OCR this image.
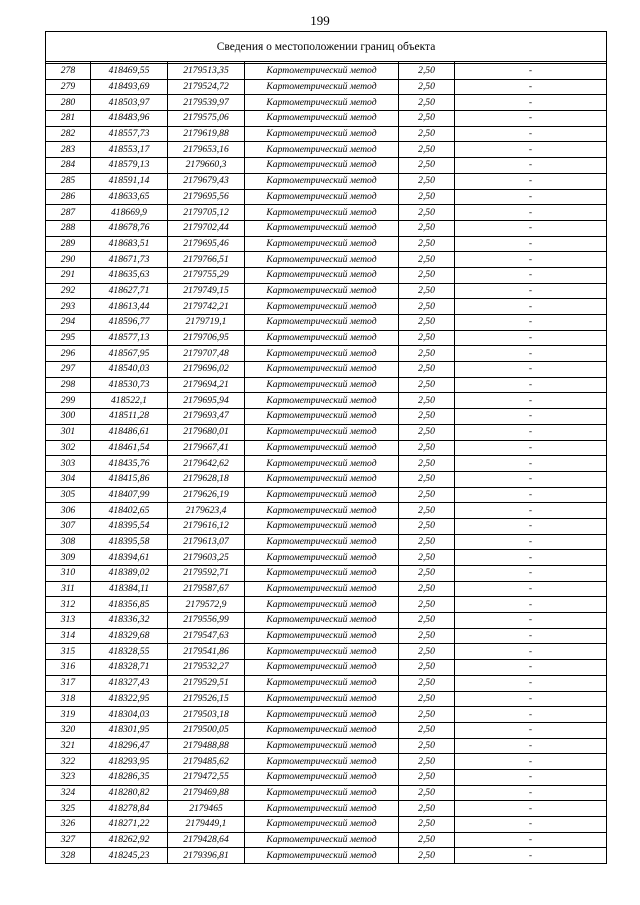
199
Сведения о местоположении границ объекта					

278	418469,55	2179513,35	Картометрический метод	2,50	-
279	418493,69	2179524,72	Картометрический метод	2,50	-
280	418503,97	2179539,97	Картометрический метод	2,50	-
281	418483,96	2179575,06	Картометрический метод	2,50	-
282	418557,73	2179619,88	Картометрический метод	2,50	-
283	418553,17	2179653,16	Картометрический метод	2,50	-
284	418579,13	2179660,3	Картометрический метод	2,50	-
285	418591,14	2179679,43	Картометрический метод	2,50	-
286	418633,65	2179695,56	Картометрический метод	2,50	-
287	418669,9	2179705,12	Картометрический метод	2,50	-
288	418678,76	2179702,44	Картометрический метод	2,50	-
289	418683,51	2179695,46	Картометрический метод	2,50	-
290	418671,73	2179766,51	Картометрический метод	2,50	-
291	418635,63	2179755,29	Картометрический метод	2,50	-
292	418627,71	2179749,15	Картометрический метод	2,50	-
293	418613,44	2179742,21	Картометрический метод	2,50	-
294	418596,77	2179719,1	Картометрический метод	2,50	-
295	418577,13	2179706,95	Картометрический метод	2,50	-
296	418567,95	2179707,48	Картометрический метод	2,50	-
297	418540,03	2179696,02	Картометрический метод	2,50	-
298	418530,73	2179694,21	Картометрический метод	2,50	-
299	418522,1	2179695,94	Картометрический метод	2,50	-
300	418511,28	2179693,47	Картометрический метод	2,50	-
301	418486,61	2179680,01	Картометрический метод	2,50	-
302	418461,54	2179667,41	Картометрический метод	2,50	-
303	418435,76	2179642,62	Картометрический метод	2,50	-
304	418415,86	2179628,18	Картометрический метод	2,50	-
305	418407,99	2179626,19	Картометрический метод	2,50	-
306	418402,65	2179623,4	Картометрический метод	2,50	-
307	418395,54	2179616,12	Картометрический метод	2,50	-
308	418395,58	2179613,07	Картометрический метод	2,50	-
309	418394,61	2179603,25	Картометрический метод	2,50	-
310	418389,02	2179592,71	Картометрический метод	2,50	-
311	418384,11	2179587,67	Картометрический метод	2,50	-
312	418356,85	2179572,9	Картометрический метод	2,50	-
313	418336,32	2179556,99	Картометрический метод	2,50	-
314	418329,68	2179547,63	Картометрический метод	2,50	-
315	418328,55	2179541,86	Картометрический метод	2,50	-
316	418328,71	2179532,27	Картометрический метод	2,50	-
317	418327,43	2179529,51	Картометрический метод	2,50	-
318	418322,95	2179526,15	Картометрический метод	2,50	-
319	418304,03	2179503,18	Картометрический метод	2,50	-
320	418301,95	2179500,05	Картометрический метод	2,50	-
321	418296,47	2179488,88	Картометрический метод	2,50	-
322	418293,95	2179485,62	Картометрический метод	2,50	-
323	418286,35	2179472,55	Картометрический метод	2,50	-
324	418280,82	2179469,88	Картометрический метод	2,50	-
325	418278,84	2179465	Картометрический метод	2,50	-
326	418271,22	2179449,1	Картометрический метод	2,50	-
327	418262,92	2179428,64	Картометрический метод	2,50	-
328	418245,23	2179396,81	Картометрический метод	2,50	-
